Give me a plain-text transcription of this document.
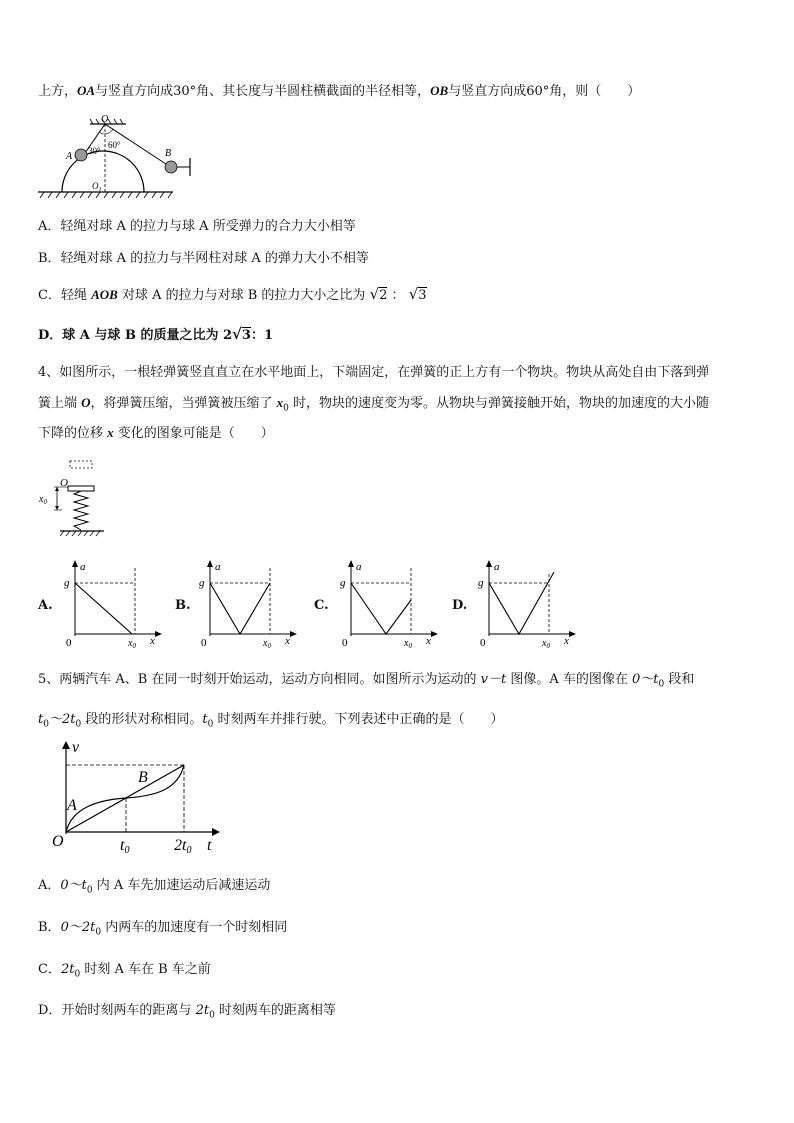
上方，OA与竖直方向成30°角、其长度与半圆柱横截面的半径相等，OB与竖直方向成60°角，则（　　）
O
A	B
30°
60°
$O_1$
A．轻绳对球 A 的拉力与球 A 所受弹力的合力大小相等
B．轻绳对球 A 的拉力与半网柱对球 A 的弹力大小不相等
C．轻绳 AOB 对球 A 的拉力与对球 B 的拉力大小之比为 √2 ： √3
D．球 A 与球 B 的质量之比为 2√3：1
4、如图所示，一根轻弹簧竖直直立在水平地面上，下端固定，在弹簧的正上方有一个物块。物块从高处自由下落到弹
簧上端 O，将弹簧压缩，当弹簧被压缩了 $x_0$ 时，物块的速度变为零。从物块与弹簧接触开始，物块的加速度的大小随
下降的位移 x 变化的图象可能是（　　）
O
$x_0$
A.
a
g
0	$x_0$ x
B.
a
g
0	$x_0$ x
C.
a
g
0	$x_0$ x
D.
a
g
0	$x_0$ x
5、两辆汽车 A、B 在同一时刻开始运动，运动方向相同。如图所示为运动的 v－t 图像。A 车的图像在 $0\sim t_0$ 段和
$t_0\sim 2t_0$ 段的形状对称相同。$t_0$ 时刻两车并排行驶。下列表述中正确的是（　　）
v
O
A
B
t0	2t0 t
A．$0\sim t_0$ 内 A 车先加速运动后减速运动
B．$0\sim 2t_0$ 内两车的加速度有一个时刻相同
C．$2t_0$ 时刻 A 车在 B 车之前
D．开始时刻两车的距离与 $2t_0$ 时刻两车的距离相等
